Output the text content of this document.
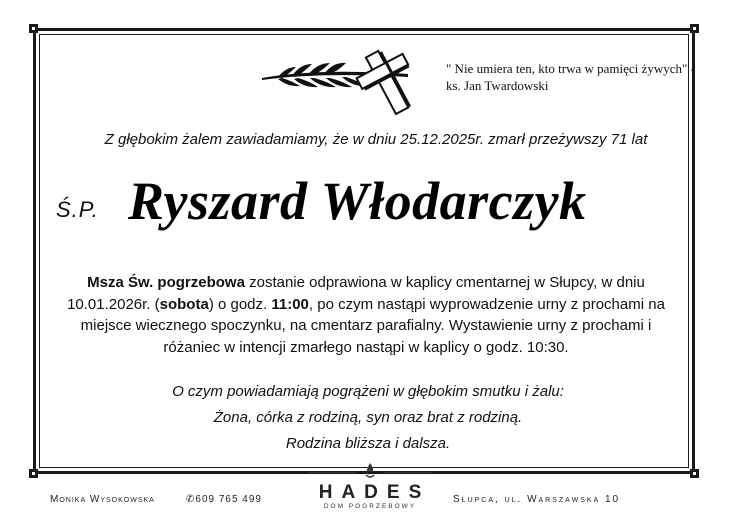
" Nie umiera ten, kto trwa w pamięci żywych" - ks. Jan Twardowski
Z głębokim żalem zawiadamiamy, że w dniu 25.12.2025r. zmarł przeżywszy 71 lat
Ś.P. Ryszard Włodarczyk
Msza Św. pogrzebowa zostanie odprawiona w kaplicy cmentarnej w Słupcy, w dniu 10.01.2026r. (sobota) o godz. 11:00, po czym nastąpi wyprowadzenie urny z prochami na miejsce wiecznego spoczynku, na cmentarz parafialny. Wystawienie urny z prochami i różaniec w intencji zmarłego nastąpi w kaplicy o godz. 10:30.
O czym powiadamiają pogrążeni w głębokim smutku i żalu:
Żona, córka z rodziną, syn oraz brat z rodziną.
Rodzina bliższa i dalsza.
Monika Wysokowska	✆609 765 499	Słupca, ul. Warszawska 10
HADES
DOM POGRZEBOWY
